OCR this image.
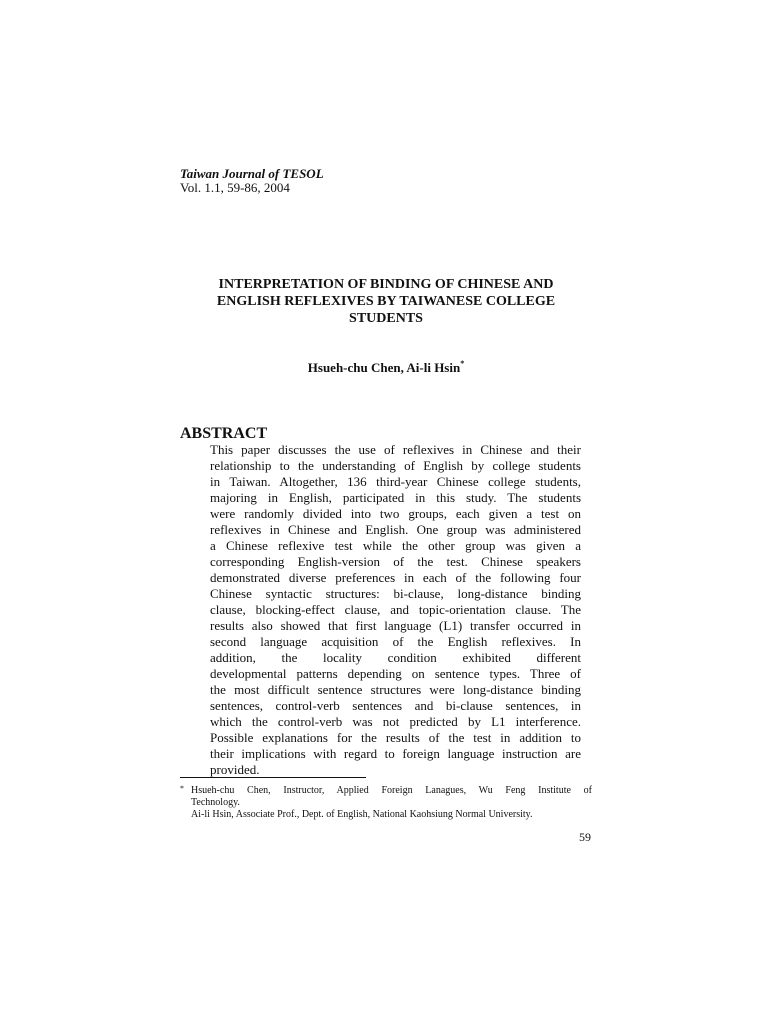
Taiwan Journal of TESOL
Vol. 1.1, 59-86, 2004
INTERPRETATION OF BINDING OF CHINESE AND
ENGLISH REFLEXIVES BY TAIWANESE COLLEGE
STUDENTS
Hsueh-chu Chen, Ai-li Hsin*
ABSTRACT
This paper discusses the use of reflexives in Chinese and their
relationship to the understanding of English by college students
in Taiwan. Altogether, 136 third-year Chinese college students,
majoring in English, participated in this study. The students
were randomly divided into two groups, each given a test on
reflexives in Chinese and English. One group was administered
a Chinese reflexive test while the other group was given a
corresponding English-version of the test. Chinese speakers
demonstrated diverse preferences in each of the following four
Chinese syntactic structures: bi-clause, long-distance binding
clause, blocking-effect clause, and topic-orientation clause. The
results also showed that first language (L1) transfer occurred in
second language acquisition of the English reflexives. In
addition, the locality condition exhibited different
developmental patterns depending on sentence types. Three of
the most difficult sentence structures were long-distance binding
sentences, control-verb sentences and bi-clause sentences, in
which the control-verb was not predicted by L1 interference.
Possible explanations for the results of the test in addition to
their implications with regard to foreign language instruction are
provided.
* Hsueh-chu Chen, Instructor, Applied Foreign Lanagues, Wu Feng Institute of
Technology.
Ai-li Hsin, Associate Prof., Dept. of English, National Kaohsiung Normal University.
59
